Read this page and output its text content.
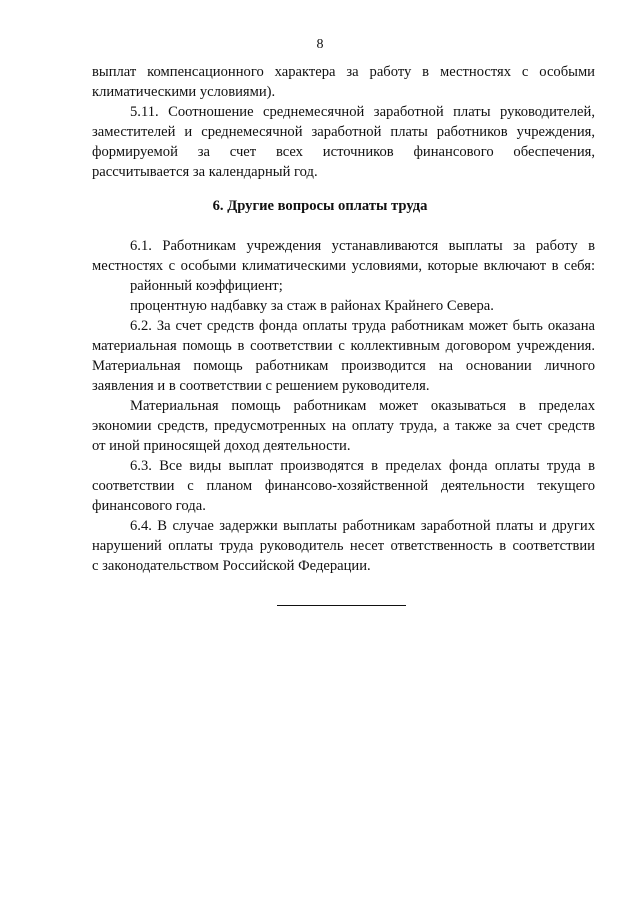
8
выплат компенсационного характера за работу в местностях с особыми
климатическими условиями).
5.11. Соотношение среднемесячной заработной платы руководителей,
заместителей и среднемесячной заработной платы работников учреждения,
формируемой за счет всех источников финансового обеспечения,
рассчитывается за календарный год.
6. Другие вопросы оплаты труда
6.1. Работникам учреждения устанавливаются выплаты за работу в
местностях с особыми климатическими условиями, которые включают в себя:
районный коэффициент;
процентную надбавку за стаж в районах Крайнего Севера.
6.2. За счет средств фонда оплаты труда работникам может быть оказана
материальная помощь в соответствии с коллективным договором учреждения.
Материальная помощь работникам производится на основании личного
заявления и в соответствии с решением руководителя.
Материальная помощь работникам может оказываться в пределах
экономии средств, предусмотренных на оплату труда, а также за счет средств
от иной приносящей доход деятельности.
6.3. Все виды выплат производятся в пределах фонда оплаты труда в
соответствии с планом финансово-хозяйственной деятельности текущего
финансового года.
6.4. В случае задержки выплаты работникам заработной платы и других
нарушений оплаты труда руководитель несет ответственность в соответствии
с законодательством Российской Федерации.
